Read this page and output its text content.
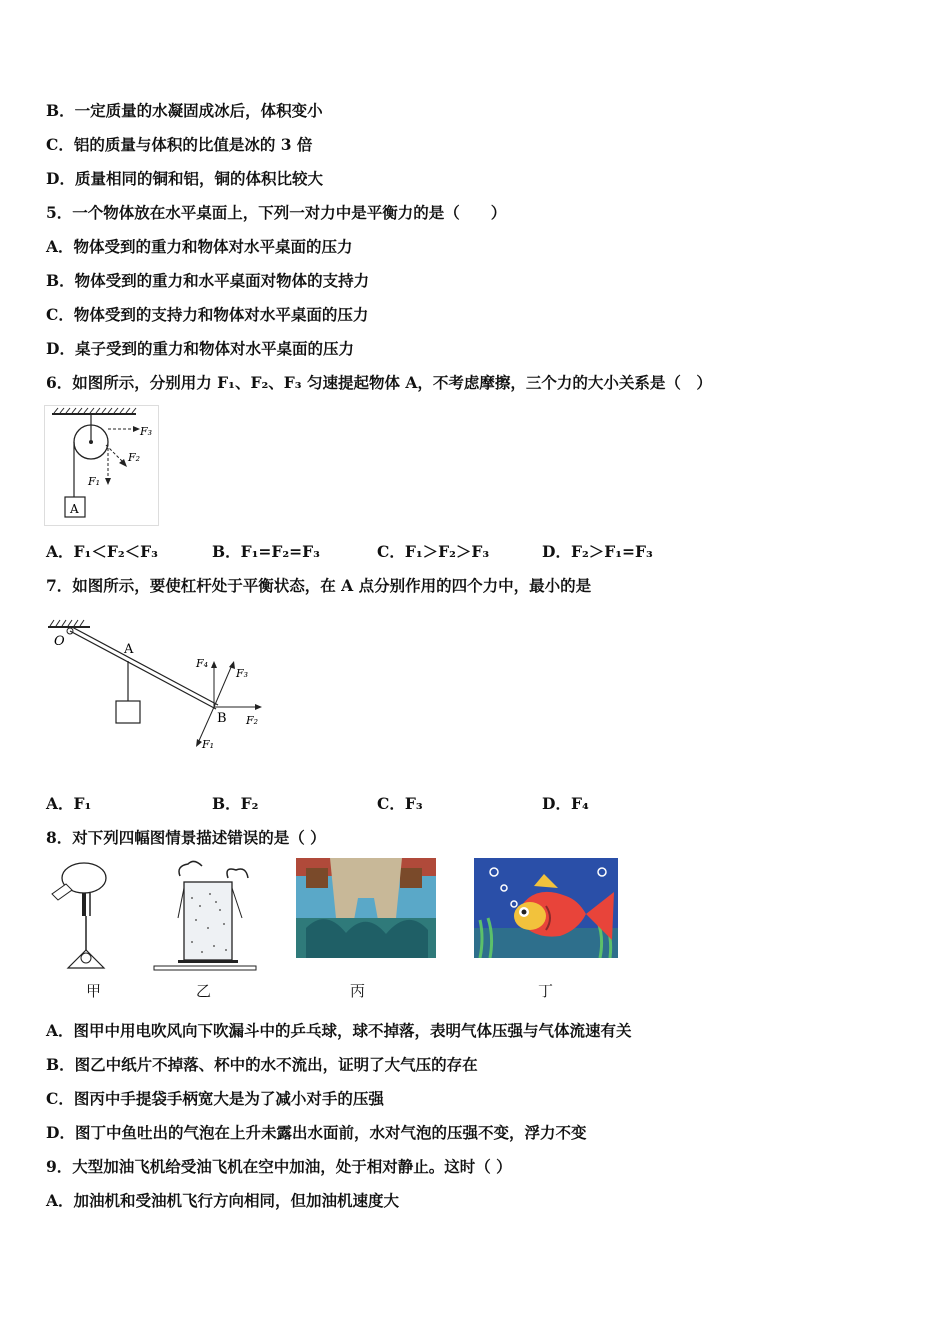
B．一定质量的水凝固成冰后，体积变小
C．铝的质量与体积的比值是冰的 3 倍
D．质量相同的铜和铝，铜的体积比较大
5．一个物体放在水平桌面上，下列一对力中是平衡力的是（　　）
A．物体受到的重力和物体对水平桌面的压力
B．物体受到的重力和水平桌面对物体的支持力
C．物体受到的支持力和物体对水平桌面的压力
D．桌子受到的重力和物体对水平桌面的压力
6．如图所示，分别用力 F₁、F₂、F₃ 匀速提起物体 A，不考虑摩擦，三个力的大小关系是（　）
A
F₃
F₂
F₁
A．F₁＜F₂＜F₃	B．F₁=F₂=F₃	C．F₁＞F₂＞F₃	D．F₂＞F₁=F₃
7．如图所示，要使杠杆处于平衡状态，在 A 点分别作用的四个力中，最小的是
O
A
B F₂
F₄
F₃
F₁
A．F₁	B．F₂	C．F₃	D．F₄
8．对下列四幅图情景描述错误的是（ ）
甲	乙	丙	丁
A．图甲中用电吹风向下吹漏斗中的乒乓球，球不掉落，表明气体压强与气体流速有关
B．图乙中纸片不掉落、杯中的水不流出，证明了大气压的存在
C．图丙中手提袋手柄宽大是为了减小对手的压强
D．图丁中鱼吐出的气泡在上升未露出水面前，水对气泡的压强不变，浮力不变
9．大型加油飞机给受油飞机在空中加油，处于相对静止。这时（ ）
A．加油机和受油机飞行方向相同，但加油机速度大
